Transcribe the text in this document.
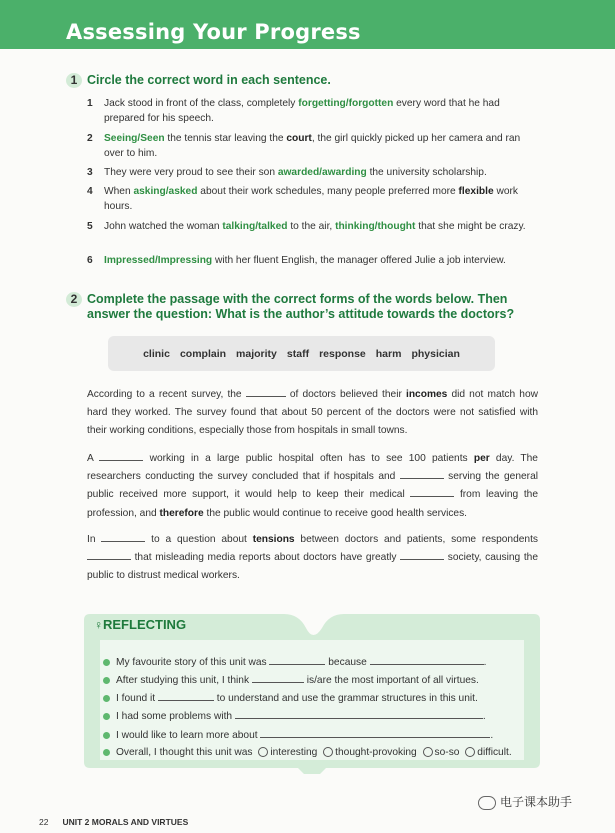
Assessing Your Progress
1 Circle the correct word in each sentence.
1 Jack stood in front of the class, completely forgetting/forgotten every word that he had prepared for his speech.
2 Seeing/Seen the tennis star leaving the court, the girl quickly picked up her camera and ran over to him.
3 They were very proud to see their son awarded/awarding the university scholarship.
4 When asking/asked about their work schedules, many people preferred more flexible work hours.
5 John watched the woman talking/talked to the air, thinking/thought that she might be crazy.
6 Impressed/Impressing with her fluent English, the manager offered Julie a job interview.
2 Complete the passage with the correct forms of the words below. Then
answer the question: What is the author’s attitude towards the doctors?
clinic complain majority staff response harm physician
According to a recent survey, the	of doctors believed their incomes did not match how hard they worked. The survey found that about 50 percent of the doctors were not satisfied with their working conditions, especially those from hospitals in small towns.
A	working in a large public hospital often has to see 100 patients per day. The researchers conducting the survey concluded that if hospitals and	serving the general public received more support, it would help to keep their medical	from leaving the profession, and therefore the public would continue to receive good health services.
In	to a question about tensions between doctors and patients, some respondents  that misleading media reports about doctors have greatly	society, causing the public to distrust medical workers.
♀REFLECTING
My favourite story of this unit was	because	.
After studying this unit, I think	is/are the most important of all virtues.
I found it	to understand and use the grammar structures in this unit.
I had some problems with	.
I would like to learn more about	.
Overall, I thought this unit was interesting thought-provoking so-so difficult.
22 UNIT 2 MORALS AND VIRTUES
电子课本助手
